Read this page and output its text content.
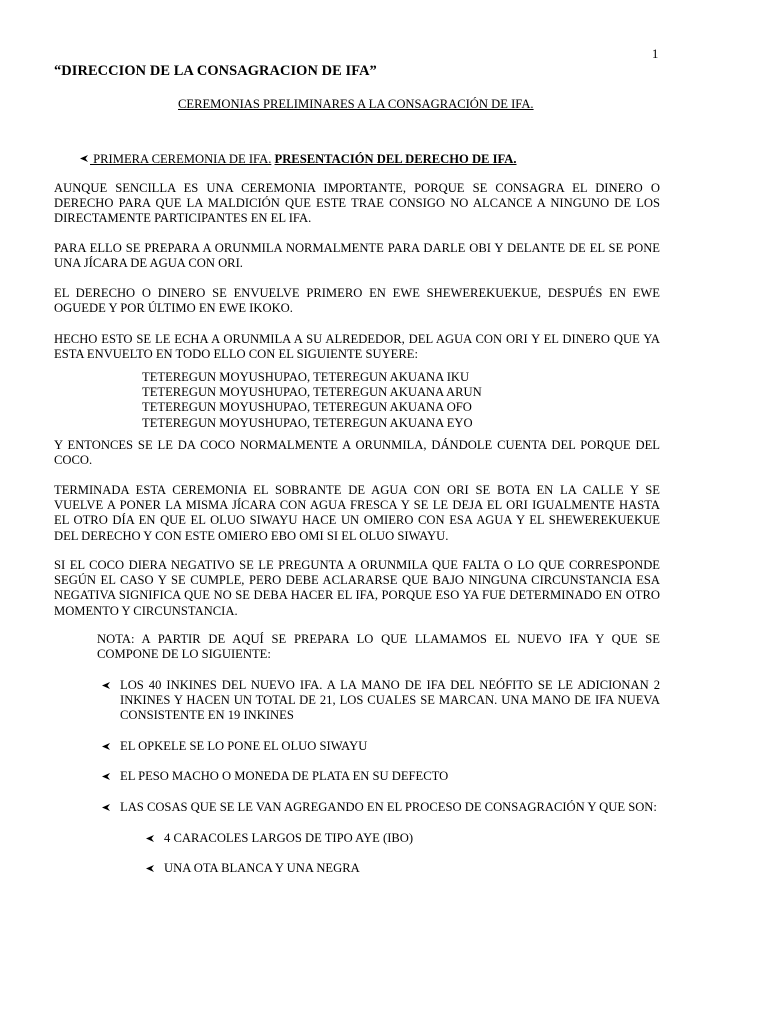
1
“DIRECCION DE LA CONSAGRACION DE IFA”
CEREMONIAS PRELIMINARES A LA CONSAGRACIÓN DE IFA.
PRIMERA CEREMONIA DE IFA. PRESENTACIÓN DEL DERECHO DE IFA.
AUNQUE SENCILLA ES UNA CEREMONIA IMPORTANTE, PORQUE SE CONSAGRA EL DINERO O
DERECHO PARA QUE LA MALDICIÓN QUE ESTE TRAE CONSIGO NO ALCANCE A NINGUNO DE LOS
DIRECTAMENTE PARTICIPANTES EN EL IFA.
PARA ELLO SE PREPARA A ORUNMILA NORMALMENTE PARA DARLE OBI Y DELANTE DE EL SE PONE
UNA JÍCARA DE AGUA CON ORI.
EL DERECHO O DINERO SE ENVUELVE PRIMERO EN EWE SHEWEREKUEKUE, DESPUÉS EN EWE
OGUEDE Y POR ÚLTIMO EN EWE IKOKO.
HECHO ESTO SE LE ECHA A ORUNMILA A SU ALREDEDOR, DEL AGUA CON ORI Y EL DINERO QUE YA
ESTA ENVUELTO EN TODO ELLO CON EL SIGUIENTE SUYERE:
TETEREGUN MOYUSHUPAO, TETEREGUN AKUANA IKU
TETEREGUN MOYUSHUPAO, TETEREGUN AKUANA ARUN
TETEREGUN MOYUSHUPAO, TETEREGUN AKUANA OFO
TETEREGUN MOYUSHUPAO, TETEREGUN AKUANA EYO
Y ENTONCES SE LE DA COCO NORMALMENTE A ORUNMILA, DÁNDOLE CUENTA DEL PORQUE DEL
COCO.
TERMINADA ESTA CEREMONIA EL SOBRANTE DE AGUA CON ORI SE BOTA EN LA CALLE Y SE
VUELVE A PONER LA MISMA JÍCARA CON AGUA FRESCA Y SE LE DEJA EL ORI IGUALMENTE HASTA
EL OTRO DÍA EN QUE EL OLUO SIWAYU HACE UN OMIERO CON ESA AGUA Y EL SHEWEREKUEKUE
DEL DERECHO Y CON ESTE OMIERO EBO OMI SI EL OLUO SIWAYU.
SI EL COCO DIERA NEGATIVO SE LE PREGUNTA A ORUNMILA QUE FALTA O LO QUE CORRESPONDE
SEGÚN EL CASO Y SE CUMPLE, PERO DEBE ACLARARSE QUE BAJO NINGUNA CIRCUNSTANCIA ESA
NEGATIVA SIGNIFICA QUE NO SE DEBA HACER EL IFA, PORQUE ESO YA FUE DETERMINADO EN OTRO
MOMENTO Y CIRCUNSTANCIA.
NOTA: A PARTIR DE AQUÍ SE PREPARA LO QUE LLAMAMOS EL NUEVO IFA Y QUE SE
COMPONE DE LO SIGUIENTE:
LOS 40 INKINES DEL NUEVO IFA. A LA MANO DE IFA DEL NEÓFITO SE LE ADICIONAN 2
INKINES Y HACEN UN TOTAL DE 21, LOS CUALES SE MARCAN. UNA MANO DE IFA NUEVA
CONSISTENTE EN 19 INKINES
EL OPKELE SE LO PONE EL OLUO SIWAYU
EL PESO MACHO O MONEDA DE PLATA EN SU DEFECTO
LAS COSAS QUE SE LE VAN AGREGANDO EN EL PROCESO DE CONSAGRACIÓN Y QUE SON:
4 CARACOLES LARGOS DE TIPO AYE (IBO)
UNA OTA BLANCA Y UNA NEGRA
